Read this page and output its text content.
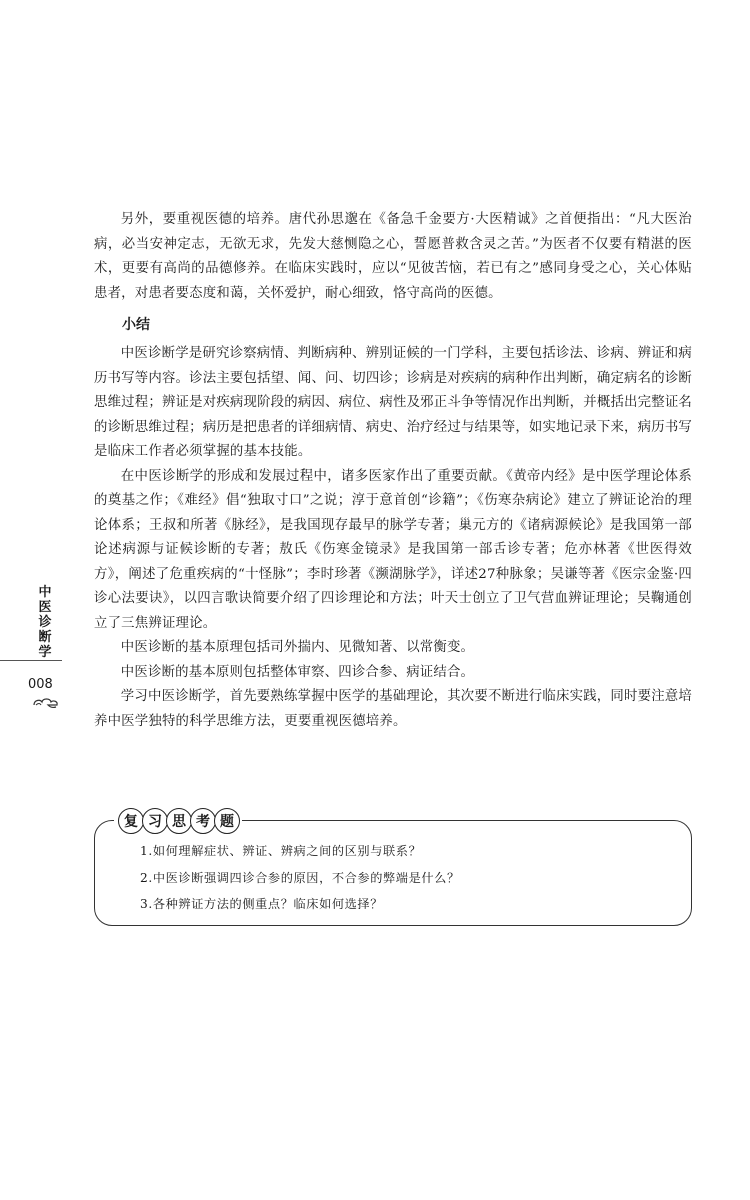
另外，要重视医德的培养。唐代孙思邈在《备急千金要方·大医精诚》之首便指出：“凡大医治病，必当安神定志，无欲无求，先发大慈恻隐之心，誓愿普救含灵之苦。”为医者不仅要有精湛的医术，更要有高尚的品德修养。在临床实践时，应以“见彼苦恼，若已有之”感同身受之心，关心体贴患者，对患者要态度和蔼，关怀爱护，耐心细致，恪守高尚的医德。

小结

中医诊断学是研究诊察病情、判断病种、辨别证候的一门学科，主要包括诊法、诊病、辨证和病历书写等内容。诊法主要包括望、闻、问、切四诊；诊病是对疾病的病种作出判断，确定病名的诊断思维过程；辨证是对疾病现阶段的病因、病位、病性及邪正斗争等情况作出判断，并概括出完整证名的诊断思维过程；病历是把患者的详细病情、病史、治疗经过与结果等，如实地记录下来，病历书写是临床工作者必须掌握的基本技能。

在中医诊断学的形成和发展过程中，诸多医家作出了重要贡献。《黄帝内经》是中医学理论体系的奠基之作；《难经》倡“独取寸口”之说；淳于意首创“诊籍”；《伤寒杂病论》建立了辨证论治的理论体系；王叔和所著《脉经》，是我国现存最早的脉学专著；巢元方的《诸病源候论》是我国第一部论述病源与证候诊断的专著；敖氏《伤寒金镜录》是我国第一部舌诊专著；危亦林著《世医得效方》，阐述了危重疾病的“十怪脉”；李时珍著《濒湖脉学》，详述27种脉象；吴谦等著《医宗金鉴·四诊心法要诀》，以四言歌诀简要介绍了四诊理论和方法；叶天士创立了卫气营血辨证理论；吴鞠通创立了三焦辨证理论。

中医诊断的基本原理包括司外揣内、见微知著、以常衡变。

中医诊断的基本原则包括整体审察、四诊合参、病证结合。

学习中医诊断学，首先要熟练掌握中医学的基础理论，其次要不断进行临床实践，同时要注意培养中医学独特的科学思维方法，更要重视医德培养。

中医诊断学
008
复 习 思 考 题
1.如何理解症状、辨证、辨病之间的区别与联系？
2.中医诊断强调四诊合参的原因，不合参的弊端是什么？
3.各种辨证方法的侧重点？临床如何选择？
